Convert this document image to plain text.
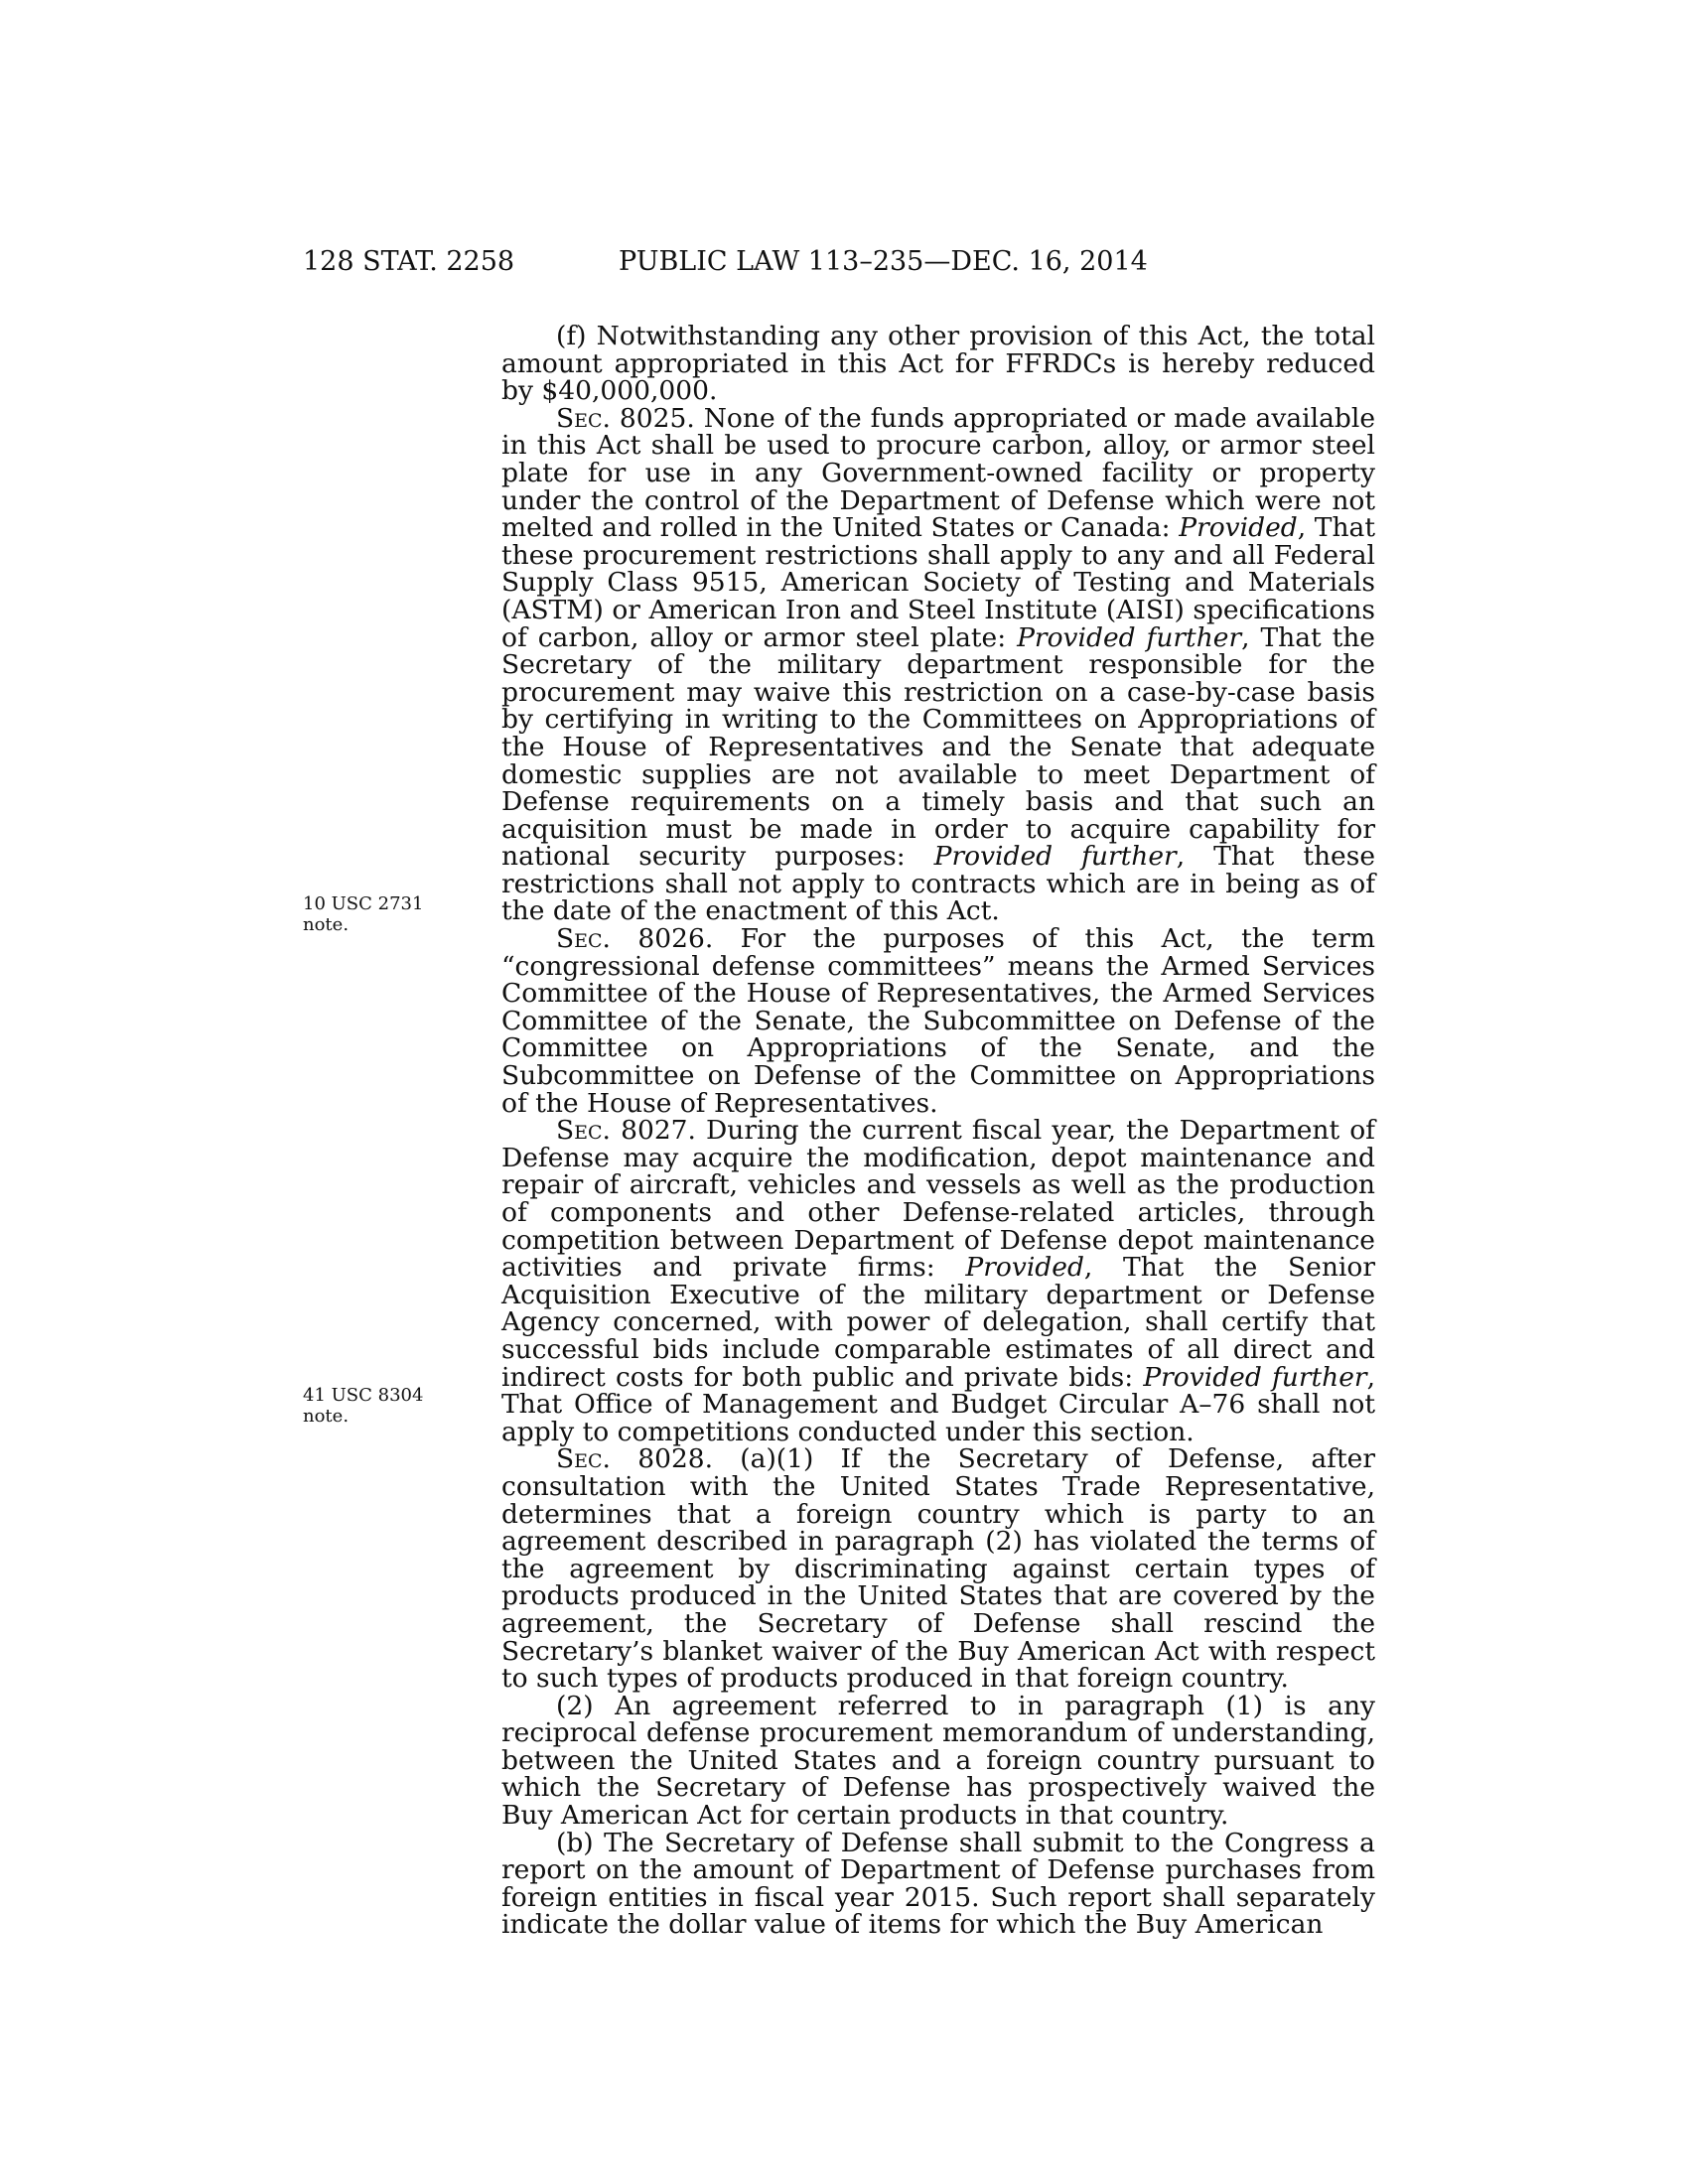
128 STAT. 2258	PUBLIC LAW 113–235—DEC. 16, 2014
10 USC 2731
note.
41 USC 8304
note.

(f) Notwithstanding any other provision of this Act, the total amount appropriated in this Act for FFRDCs is hereby reduced by $40,000,000.

Sec. 8025. None of the funds appropriated or made available in this Act shall be used to procure carbon, alloy, or armor steel plate for use in any Government-owned facility or property under the control of the Department of Defense which were not melted and rolled in the United States or Canada: Provided, That these procurement restrictions shall apply to any and all Federal Supply Class 9515, American Society of Testing and Materials (ASTM) or American Iron and Steel Institute (AISI) specifications of carbon, alloy or armor steel plate: Provided further, That the Secretary of the military department responsible for the procurement may waive this restriction on a case-by-case basis by certifying in writing to the Committees on Appropriations of the House of Representatives and the Senate that adequate domestic supplies are not available to meet Department of Defense requirements on a timely basis and that such an acquisition must be made in order to acquire capability for national security purposes: Provided further, That these restrictions shall not apply to contracts which are in being as of the date of the enactment of this Act.

Sec. 8026. For the purposes of this Act, the term “congressional defense committees” means the Armed Services Committee of the House of Representatives, the Armed Services Committee of the Senate, the Subcommittee on Defense of the Committee on Appropriations of the Senate, and the Subcommittee on Defense of the Committee on Appropriations of the House of Representatives.

Sec. 8027. During the current fiscal year, the Department of Defense may acquire the modification, depot maintenance and repair of aircraft, vehicles and vessels as well as the production of components and other Defense-related articles, through competition between Department of Defense depot maintenance activities and private firms: Provided, That the Senior Acquisition Executive of the military department or Defense Agency concerned, with power of delegation, shall certify that successful bids include comparable estimates of all direct and indirect costs for both public and private bids: Provided further, That Office of Management and Budget Circular A–76 shall not apply to competitions conducted under this section.

Sec. 8028. (a)(1) If the Secretary of Defense, after consultation with the United States Trade Representative, determines that a foreign country which is party to an agreement described in paragraph (2) has violated the terms of the agreement by discriminating against certain types of products produced in the United States that are covered by the agreement, the Secretary of Defense shall rescind the Secretary’s blanket waiver of the Buy American Act with respect to such types of products produced in that foreign country.

(2) An agreement referred to in paragraph (1) is any reciprocal defense procurement memorandum of understanding, between the United States and a foreign country pursuant to which the Secretary of Defense has prospectively waived the Buy American Act for certain products in that country.

(b) The Secretary of Defense shall submit to the Congress a report on the amount of Department of Defense purchases from foreign entities in fiscal year 2015. Such report shall separately indicate the dollar value of items for which the Buy American
